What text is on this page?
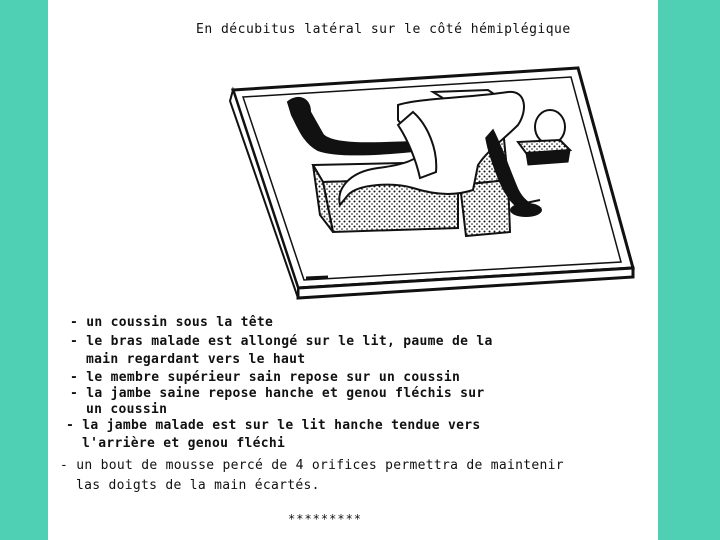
En décubitus latéral sur le côté hémiplégique
- un coussin sous la tête
- le bras malade est allongé sur le lit, paume de la
main regardant vers le haut
- le membre supérieur sain repose sur un coussin
- la jambe saine repose hanche et genou fléchis sur
un coussin
- la jambe malade est sur le lit hanche tendue vers
l'arrière et genou fléchi
- un bout de mousse percé de 4 orifices permettra de maintenir
las doigts de la main écartés.
*********
